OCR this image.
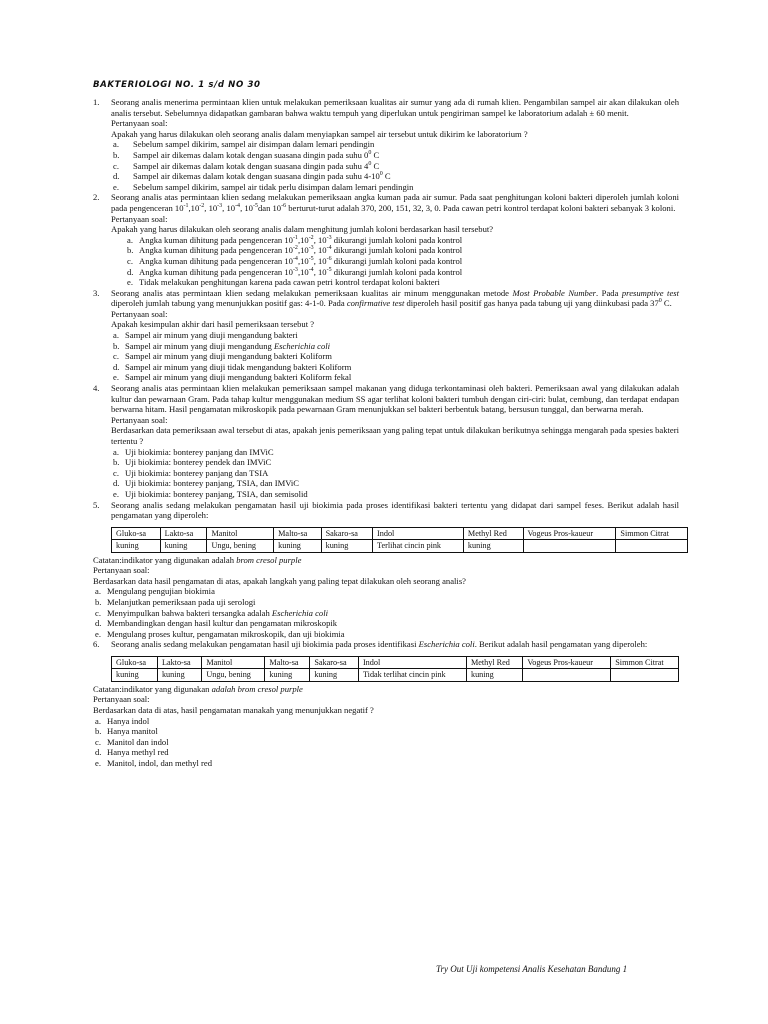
BAKTERIOLOGI NO. 1 s/d NO 30
1. Seorang analis menerima permintaan klien untuk melakukan pemeriksaan kualitas air sumur yang ada di rumah klien. Pengambilan sampel air akan dilakukan oleh analis tersebut. Sebelumnya didapatkan gambaran bahwa waktu tempuh yang diperlukan untuk pengiriman sampel ke laboratorium adalah ± 60 menit.
Pertanyaan soal:
Apakah yang harus dilakukan oleh seorang analis dalam menyiapkan sampel air tersebut untuk dikirim ke laboratorium ?
a. Sebelum sampel dikirim, sampel air disimpan dalam lemari pendingin
b. Sampel air dikemas dalam kotak dengan suasana dingin pada suhu $0^0$ C
c. Sampel air dikemas dalam kotak dengan suasana dingin pada suhu $4^0$ C
d. Sampel air dikemas dalam kotak dengan suasana dingin pada suhu $4-10^0$ C
e. Sebelum sampel dikirim, sampel air tidak perlu disimpan dalam lemari pendingin
2. Seorang analis atas permintaan klien sedang melakukan pemeriksaan angka kuman pada air sumur. Pada saat penghitungan koloni bakteri diperoleh jumlah koloni pada pengenceran $10^{-1},10^{-2}$, $10^{-3}$, $10^{-4}$, $10^{-5}dan$ $10^{-6}$ berturut-turut adalah 370, 200, 151, 32, 3, 0. Pada cawan petri kontrol terdapat koloni bakteri sebanyak 3 koloni.
Pertanyaan soal:
Apakah yang harus dilakukan oleh seorang analis dalam menghitung jumlah koloni berdasarkan hasil tersebut?
a. Angka kuman dihitung pada pengenceran $10^{-1},10^{-2}$, $10^{-3}$ dikurangi jumlah koloni pada kontrol
b. Angka kuman dihitung pada pengenceran $10^{-2},10^{-3}$, $10^{-4}$ dikurangi jumlah koloni pada kontrol
c. Angka kuman dihitung pada pengenceran $10^{-4},10^{-5}$, $10^{-6}$ dikurangi jumlah koloni pada kontrol
d. Angka kuman dihitung pada pengenceran $10^{-3},10^{-4}$, $10^{-5}$ dikurangi jumlah koloni pada kontrol
e. Tidak melakukan penghitungan karena pada cawan petri kontrol terdapat koloni bakteri
3. Seorang analis atas permintaan klien sedang melakukan pemeriksaan kualitas air minum menggunakan metode Most Probable Number. Pada presumptive test diperoleh jumlah tabung yang menunjukkan positif gas: 4-1-0. Pada confirmative test diperoleh hasil positif gas hanya pada tabung uji yang diinkubasi pada $37^0$ C.
Pertanyaan soal:
Apakah kesimpulan akhir dari hasil pemeriksaan tersebut ?
a. Sampel air minum yang diuji mengandung bakteri
b. Sampel air minum yang diuji mengandung Escherichia coli
c. Sampel air minum yang diuji mengandung bakteri Koliform
d. Sampel air minum yang diuji tidak mengandung bakteri Koliform
e. Sampel air minum yang diuji mengandung bakteri Koliform fekal
4. Seorang analis atas permintaan klien melakukan pemeriksaan sampel makanan yang diduga terkontaminasi oleh bakteri. Pemeriksaan awal yang dilakukan adalah kultur dan pewarnaan Gram. Pada tahap kultur menggunakan medium SS agar terlihat koloni bakteri tumbuh dengan ciri-ciri: bulat, cembung, dan terdapat endapan berwarna hitam. Hasil pengamatan mikroskopik pada pewarnaan Gram menunjukkan sel bakteri berbentuk batang, bersusun tunggal, dan berwarna merah.
Pertanyaan soal:
Berdasarkan data pemeriksaan awal tersebut di atas, apakah jenis pemeriksaan yang paling tepat untuk dilakukan berikutnya sehingga mengarah pada spesies bakteri tertentu ?
a. Uji biokimia: bonterey panjang dan IMViC
b. Uji biokimia: bonterey pendek dan IMViC
c. Uji biokimia: bonterey panjang dan TSIA
d. Uji biokimia: bonterey panjang, TSIA, dan IMViC
e. Uji biokimia: bonterey panjang, TSIA, dan semisolid
5. Seorang analis sedang melakukan pengamatan hasil uji biokimia pada proses identifikasi bakteri tertentu yang didapat dari sampel feses. Berikut adalah hasil pengamatan yang diperoleh:
Gluko-sa	Lakto-sa	Manitol	Malto-sa	Sakaro-sa	Indol	Methyl Red	Vogeus Pros-kaueur	Simmon Citrat
kuning	kuning	Ungu, bening	kuning	kuning	Terlihat cincin pink	kuning		
Catatan:indikator yang digunakan adalah brom cresol purple
Pertanyaan soal:
Berdasarkan data hasil pengamatan di atas, apakah langkah yang paling tepat dilakukan oleh seorang analis?
a. Mengulang pengujian biokimia
b. Melanjutkan pemeriksaan pada uji serologi
c. Menyimpulkan bahwa bakteri tersangka adalah Escherichia coli
d. Membandingkan dengan hasil kultur dan pengamatan mikroskopik
e. Mengulang proses kultur, pengamatan mikroskopik, dan uji biokimia
6. Seorang analis sedang melakukan pengamatan hasil uji biokimia pada proses identifikasi Escherichia coli. Berikut adalah hasil pengamatan yang diperoleh:
Gluko-sa	Lakto-sa	Manitol	Malto-sa	Sakaro-sa	Indol	Methyl Red	Vogeus Pros-kaueur	Simmon Citrat
kuning	kuning	Ungu, bening	kuning	kuning	Tidak terlihat cincin pink	kuning		
Catatan:indikator yang digunakan adalah brom cresol purple
Pertanyaan soal:
Berdasarkan data di atas, hasil pengamatan manakah yang menunjukkan negatif ?
a. Hanya indol
b. Hanya manitol
c. Manitol dan indol
d. Hanya methyl red
e. Manitol, indol, dan methyl red
Try Out Uji kompetensi Analis Kesehatan Bandung 1
